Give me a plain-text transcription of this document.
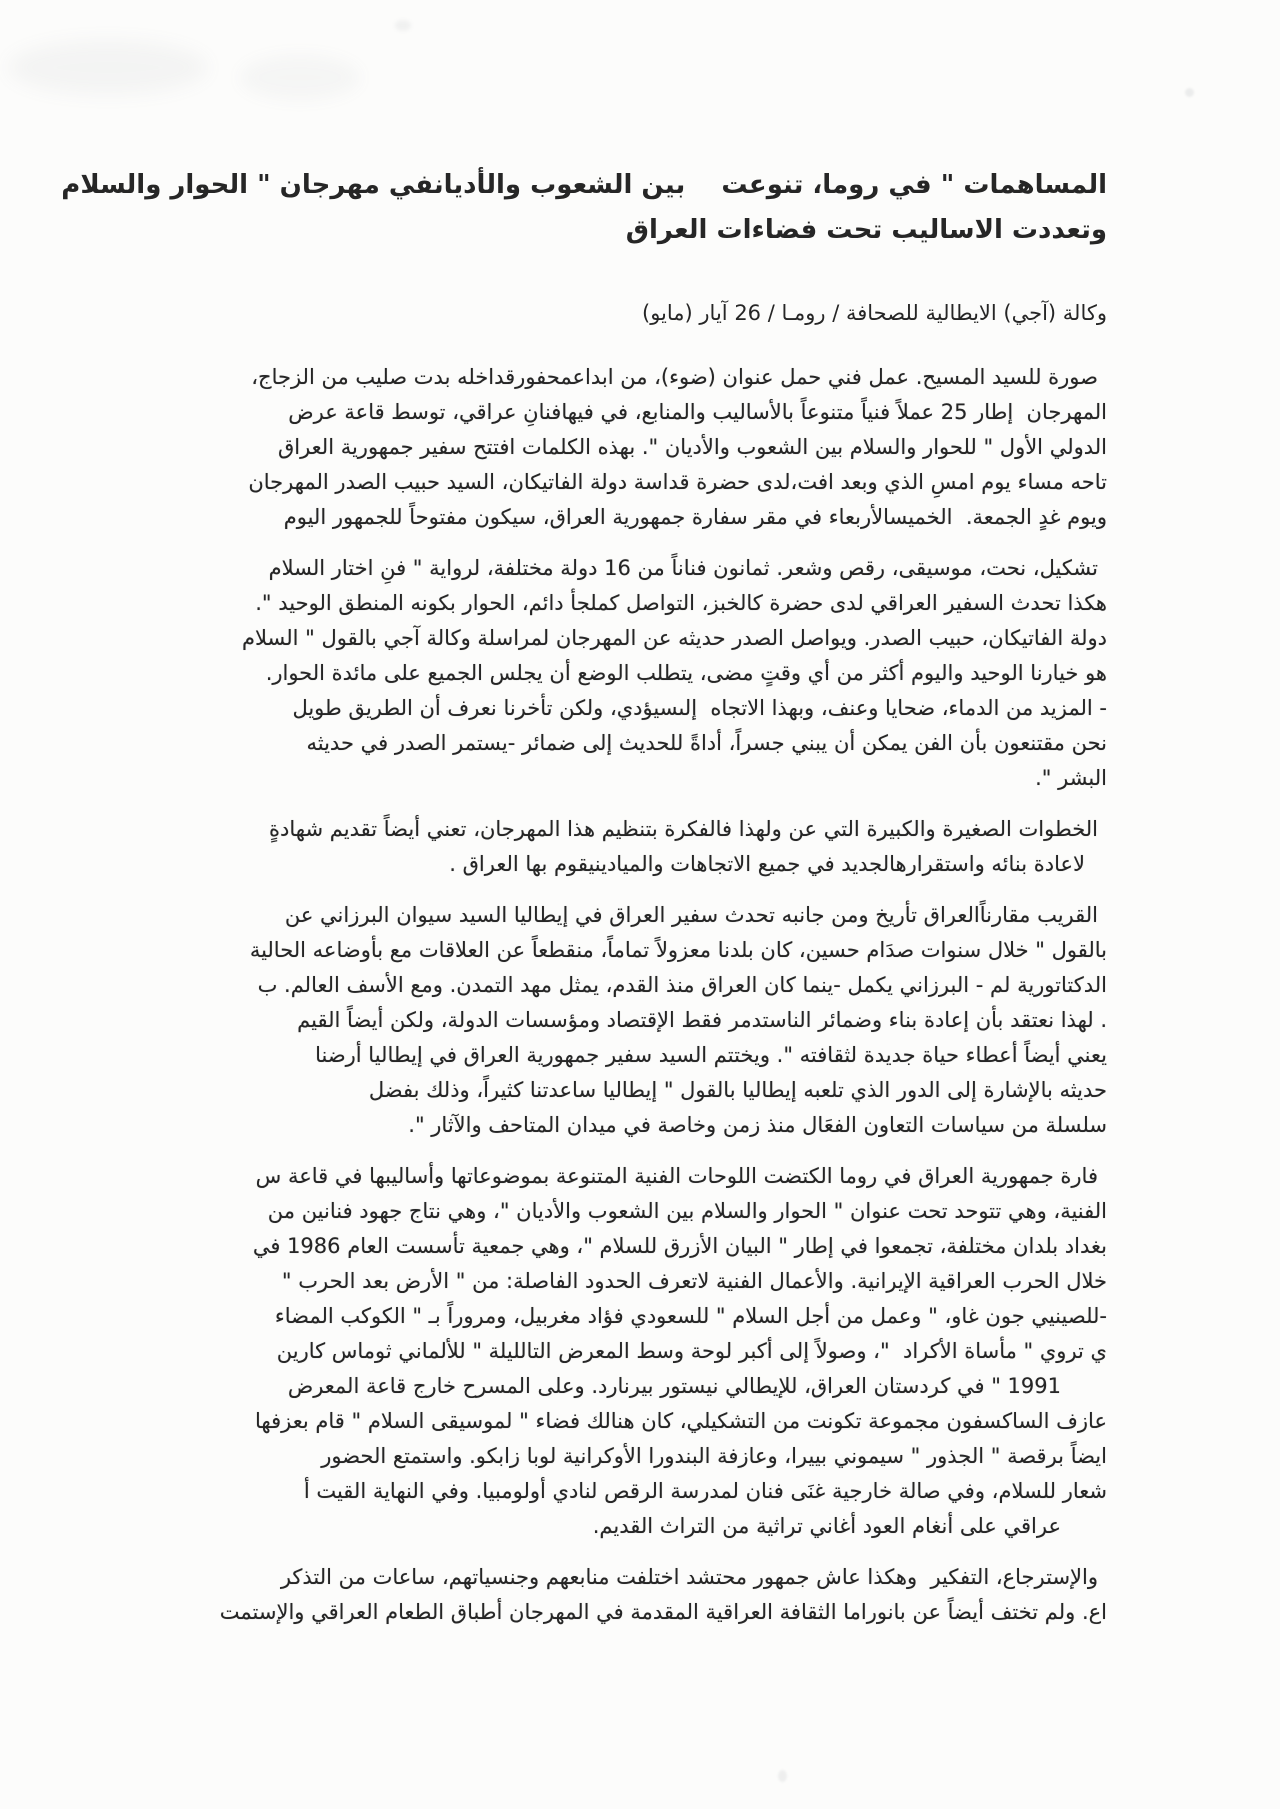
المساهمات " في روما، تنوعت    بين الشعوب والأديانفي مهرجان " الحوار والسلام
وتعددت الاساليب تحت فضاءات العراق
وكالة (آجي) الايطالية للصحافة / رومـا / 26 آيار (مايو)
صورة للسيد المسيح. عمل فني حمل عنوان (ضوء)، من ابداعمحفورقداخله بدت صليب من الزجاج،
المهرجان  إطار 25 عملاً فنياً متنوعاً بالأساليب والمنابع، في فيهافنانِ عراقي، توسط قاعة عرض
الدولي الأول " للحوار والسلام بين الشعوب والأديان ". بهذه الكلمات افتتح سفير جمهورية العراق
تاحه مساء يوم امسِ الذي وبعد افت،لدى حضرة قداسة دولة الفاتيكان، السيد حبيب الصدر المهرجان
ويوم غدٍ الجمعة.  الخميسالأربعاء في مقر سفارة جمهورية العراق، سيكون مفتوحاً للجمهور اليوم
تشكيل، نحت، موسيقى، رقص وشعر. ثمانون فناناً من 16 دولة مختلفة، لرواية " فنِ اختار السلام
هكذا تحدث السفير العراقي لدى حضرة كالخبز، التواصل كملجأ دائم، الحوار بكونه المنطق الوحيد ".
دولة الفاتيكان، حبيب الصدر. ويواصل الصدر حديثه عن المهرجان لمراسلة وكالة آجي بالقول " السلام
هو خيارنا الوحيد واليوم أكثر من أي وقتٍ مضى، يتطلب الوضع أن يجلس الجميع على مائدة الحوار.
- المزيد من الدماء، ضحايا وعنف، وبهذا الاتجاه  إلىسيؤدي، ولكن تأخرنا نعرف أن الطريق طويل
نحن مقتنعون بأن الفن يمكن أن يبني جسراً، أداةً للحديث إلى ضمائر -يستمر الصدر في حديثه
البشر ".
الخطوات الصغيرة والكبيرة التي عن ولهذا فالفكرة بتنظيم هذا المهرجان، تعني أيضاً تقديم شهادةٍ
لاعادة بنائه واستقرارهالجديد في جميع الاتجاهات والميادينيقوم بها العراق .
القريب مقارناًالعراق تأريخ ومن جانبه تحدث سفير العراق في إيطاليا السيد سيوان البرزاني عن
بالقول " خلال سنوات صدَام حسين، كان بلدنا معزولاً تماماً، منقطعاً عن العلاقات مع بأوضاعه الحالية
الدكتاتورية لم - البرزاني يكمل -ينما كان العراق منذ القدم، يمثل مهد التمدن. ومع الأسف العالم. ب
. لهذا نعتقد بأن إعادة بناء وضمائر الناستدمر فقط الإقتصاد ومؤسسات الدولة، ولكن أيضاً القيم
يعني أيضاً أعطاء حياة جديدة لثقافته ". ويختتم السيد سفير جمهورية العراق في إيطاليا أرضنا
حديثه بالإشارة إلى الدور الذي تلعبه إيطاليا بالقول " إيطاليا ساعدتنا كثيراً، وذلك بفضل
سلسلة من سياسات التعاون الفعَال منذ زمن وخاصة في ميدان المتاحف والآثار ".
فارة جمهورية العراق في روما الكتضت اللوحات الفنية المتنوعة بموضوعاتها وأساليبها في قاعة س
الفنية، وهي تتوحد تحت عنوان " الحوار والسلام بين الشعوب والأديان "، وهي نتاج جهود فنانين من
بغداد بلدان مختلفة، تجمعوا في إطار " البيان الأزرق للسلام "، وهي جمعية تأسست العام 1986 في
خلال الحرب العراقية الإيرانية. والأعمال الفنية لاتعرف الحدود الفاصلة: من " الأرض بعد الحرب "
-للصينيي جون غاو، " وعمل من أجل السلام " للسعودي فؤاد مغربيل، ومروراً بـ " الكوكب المضاء
ي تروي " مأساة الأكراد  "، وصولاً إلى أكبر لوحة وسط المعرض التالليلة " للألماني ثوماس كارين
1991 " في كردستان العراق، للإيطالي نيستور بيرنارد. وعلى المسرح خارج قاعة المعرض
عازف الساكسفون مجموعة تكونت من التشكيلي، كان هنالك فضاء " لموسيقى السلام " قام بعزفها
ايضاً برقصة " الجذور " سيموني بييرا، وعازفة البندورا الأوكرانية لوبا زابكو. واستمتع الحضور
شعار للسلام، وفي صالة خارجية غنَى فنان لمدرسة الرقص لنادي أولومبيا. وفي النهاية القيت أ
عراقي على أنغام العود أغاني تراثية من التراث القديم.
والإسترجاع، التفكير  وهكذا عاش جمهور محتشد اختلفت منابعهم وجنسياتهم، ساعات من التذكر
اع. ولم تختف أيضاً عن بانوراما الثقافة العراقية المقدمة في المهرجان أطباق الطعام العراقي والإستمت
